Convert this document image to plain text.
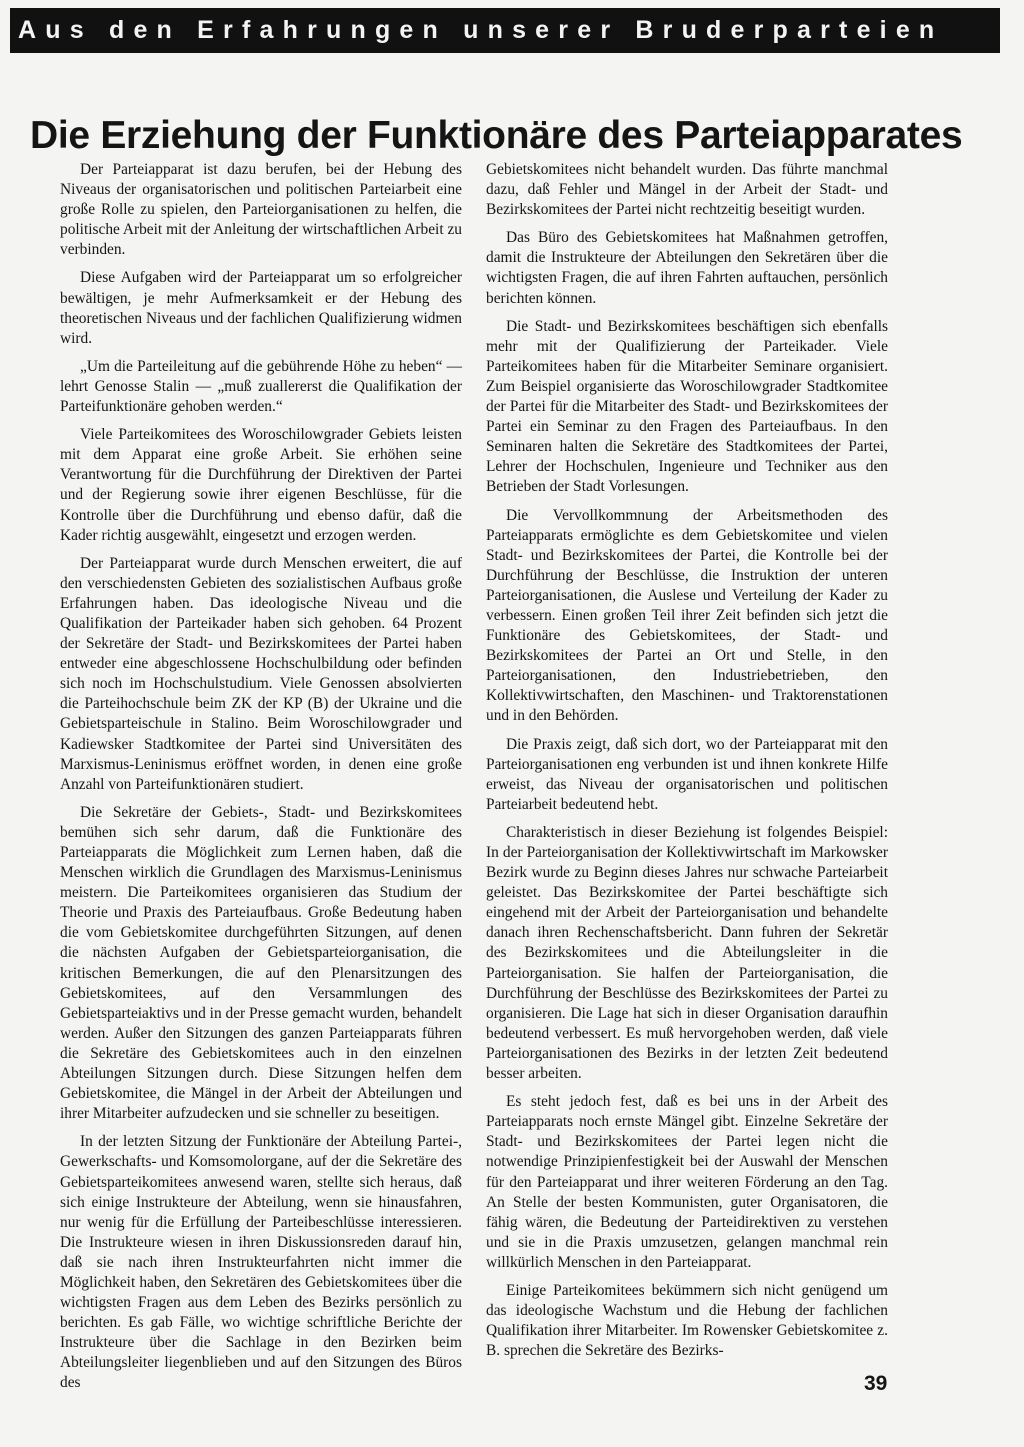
Aus den Erfahrungen unserer Bruderparteien
Die Erziehung der Funktionäre des Parteiapparates

Der Parteiapparat ist dazu berufen, bei der Hebung des Niveaus der organisatorischen und politischen Parteiarbeit eine große Rolle zu spielen, den Parteiorganisationen zu helfen, die politische Arbeit mit der Anleitung der wirtschaftlichen Arbeit zu verbinden.

Diese Aufgaben wird der Parteiapparat um so erfolgreicher bewältigen, je mehr Aufmerksamkeit er der Hebung des theoretischen Niveaus und der fachlichen Qualifizierung widmen wird.

„Um die Parteileitung auf die gebührende Höhe zu heben“ — lehrt Genosse Stalin — „muß zuallererst die Qualifikation der Parteifunktionäre gehoben werden.“

Viele Parteikomitees des Woroschilowgrader Gebiets leisten mit dem Apparat eine große Arbeit. Sie erhöhen seine Verantwortung für die Durchführung der Direktiven der Partei und der Regierung sowie ihrer eigenen Beschlüsse, für die Kontrolle über die Durchführung und ebenso dafür, daß die Kader richtig ausgewählt, eingesetzt und erzogen werden.

Der Parteiapparat wurde durch Menschen erweitert, die auf den verschiedensten Gebieten des sozialistischen Aufbaus große Erfahrungen haben. Das ideologische Niveau und die Qualifikation der Parteikader haben sich gehoben. 64 Prozent der Sekretäre der Stadt- und Bezirkskomitees der Partei haben entweder eine abgeschlossene Hochschulbildung oder befinden sich noch im Hochschulstudium. Viele Genossen absolvierten die Parteihochschule beim ZK der KP (B) der Ukraine und die Gebietsparteischule in Stalino. Beim Woroschilowgrader und Kadiewsker Stadtkomitee der Partei sind Universitäten des Marxismus-Leninismus eröffnet worden, in denen eine große Anzahl von Parteifunktionären studiert.

Die Sekretäre der Gebiets-, Stadt- und Bezirkskomitees bemühen sich sehr darum, daß die Funktionäre des Parteiapparats die Möglichkeit zum Lernen haben, daß die Menschen wirklich die Grundlagen des Marxismus-Leninismus meistern. Die Parteikomitees organisieren das Studium der Theorie und Praxis des Parteiaufbaus. Große Bedeutung haben die vom Gebietskomitee durchgeführten Sitzungen, auf denen die nächsten Aufgaben der Gebietsparteiorganisation, die kritischen Bemerkungen, die auf den Plenarsitzungen des Gebietskomitees, auf den Versammlungen des Gebietsparteiaktivs und in der Presse gemacht wurden, behandelt werden. Außer den Sitzungen des ganzen Parteiapparats führen die Sekretäre des Gebietskomitees auch in den einzelnen Abteilungen Sitzungen durch. Diese Sitzungen helfen dem Gebietskomitee, die Mängel in der Arbeit der Abteilungen und ihrer Mitarbeiter aufzudecken und sie schneller zu beseitigen.

In der letzten Sitzung der Funktionäre der Abteilung Partei-, Gewerkschafts- und Komsomolorgane, auf der die Sekretäre des Gebietsparteikomitees anwesend waren, stellte sich heraus, daß sich einige Instrukteure der Abteilung, wenn sie hinausfahren, nur wenig für die Erfüllung der Parteibeschlüsse interessieren. Die Instrukteure wiesen in ihren Diskussionsreden darauf hin, daß sie nach ihren Instrukteurfahrten nicht immer die Möglichkeit haben, den Sekretären des Gebietskomitees über die wichtigsten Fragen aus dem Leben des Bezirks persönlich zu berichten. Es gab Fälle, wo wichtige schriftliche Berichte der Instrukteure über die Sachlage in den Bezirken beim Abteilungsleiter liegenblieben und auf den Sitzungen des Büros des

Gebietskomitees nicht behandelt wurden. Das führte manchmal dazu, daß Fehler und Mängel in der Arbeit der Stadt- und Bezirkskomitees der Partei nicht rechtzeitig beseitigt wurden.

Das Büro des Gebietskomitees hat Maßnahmen getroffen, damit die Instrukteure der Abteilungen den Sekretären über die wichtigsten Fragen, die auf ihren Fahrten auftauchen, persönlich berichten können.

Die Stadt- und Bezirkskomitees beschäftigen sich ebenfalls mehr mit der Qualifizierung der Parteikader. Viele Parteikomitees haben für die Mitarbeiter Seminare organisiert. Zum Beispiel organisierte das Woroschilowgrader Stadtkomitee der Partei für die Mitarbeiter des Stadt- und Bezirkskomitees der Partei ein Seminar zu den Fragen des Parteiaufbaus. In den Seminaren halten die Sekretäre des Stadtkomitees der Partei, Lehrer der Hochschulen, Ingenieure und Techniker aus den Betrieben der Stadt Vorlesungen.

Die Vervollkommnung der Arbeitsmethoden des Parteiapparats ermöglichte es dem Gebietskomitee und vielen Stadt- und Bezirkskomitees der Partei, die Kontrolle bei der Durchführung der Beschlüsse, die Instruktion der unteren Parteiorganisationen, die Auslese und Verteilung der Kader zu verbessern. Einen großen Teil ihrer Zeit befinden sich jetzt die Funktionäre des Gebietskomitees, der Stadt- und Bezirkskomitees der Partei an Ort und Stelle, in den Parteiorganisationen, den Industriebetrieben, den Kollektivwirtschaften, den Maschinen- und Traktorenstationen und in den Behörden.

Die Praxis zeigt, daß sich dort, wo der Parteiapparat mit den Parteiorganisationen eng verbunden ist und ihnen konkrete Hilfe erweist, das Niveau der organisatorischen und politischen Parteiarbeit bedeutend hebt.

Charakteristisch in dieser Beziehung ist folgendes Beispiel: In der Parteiorganisation der Kollektivwirtschaft im Markowsker Bezirk wurde zu Beginn dieses Jahres nur schwache Parteiarbeit geleistet. Das Bezirkskomitee der Partei beschäftigte sich eingehend mit der Arbeit der Parteiorganisation und behandelte danach ihren Rechenschaftsbericht. Dann fuhren der Sekretär des Bezirkskomitees und die Abteilungsleiter in die Parteiorganisation. Sie halfen der Parteiorganisation, die Durchführung der Beschlüsse des Bezirkskomitees der Partei zu organisieren. Die Lage hat sich in dieser Organisation daraufhin bedeutend verbessert. Es muß hervorgehoben werden, daß viele Parteiorganisationen des Bezirks in der letzten Zeit bedeutend besser arbeiten.

Es steht jedoch fest, daß es bei uns in der Arbeit des Parteiapparats noch ernste Mängel gibt. Einzelne Sekretäre der Stadt- und Bezirkskomitees der Partei legen nicht die notwendige Prinzipienfestigkeit bei der Auswahl der Menschen für den Parteiapparat und ihrer weiteren Förderung an den Tag. An Stelle der besten Kommunisten, guter Organisatoren, die fähig wären, die Bedeutung der Parteidirektiven zu verstehen und sie in die Praxis umzusetzen, gelangen manchmal rein willkürlich Menschen in den Parteiapparat.

Einige Parteikomitees bekümmern sich nicht genügend um das ideologische Wachstum und die Hebung der fachlichen Qualifikation ihrer Mitarbeiter. Im Rowensker Gebietskomitee z. B. sprechen die Sekretäre des Bezirks-

39
